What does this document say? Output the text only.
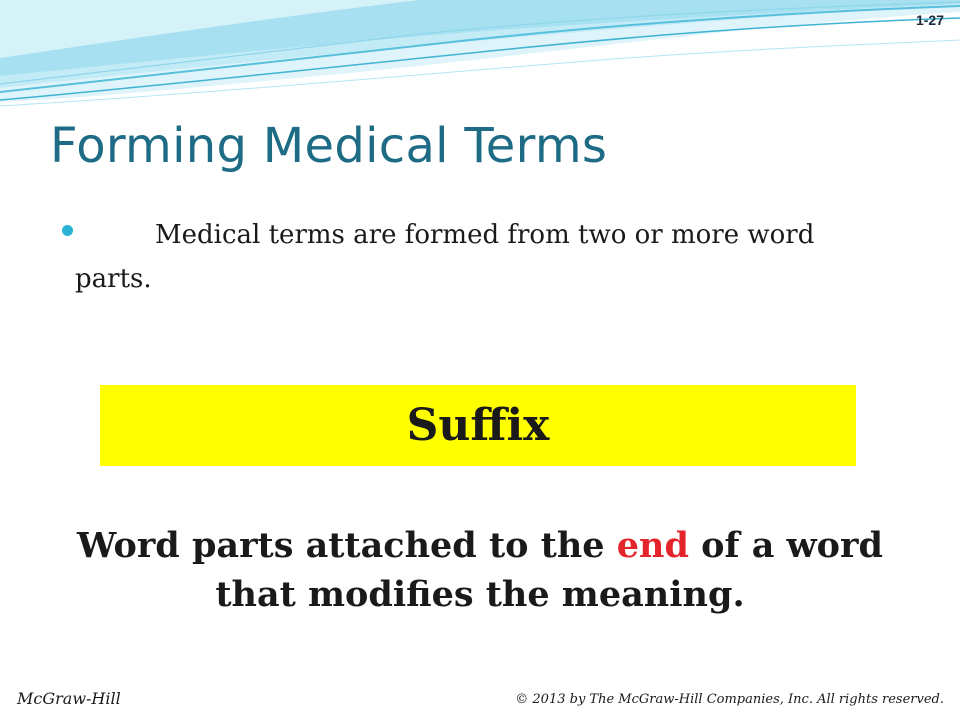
1-27
Forming Medical Terms

Medical terms are formed from two or more word parts.

Suffix

Word parts attached to the end of a word that modifies the meaning.

McGraw-Hill	© 2013 by The McGraw-Hill Companies, Inc. All rights reserved.
